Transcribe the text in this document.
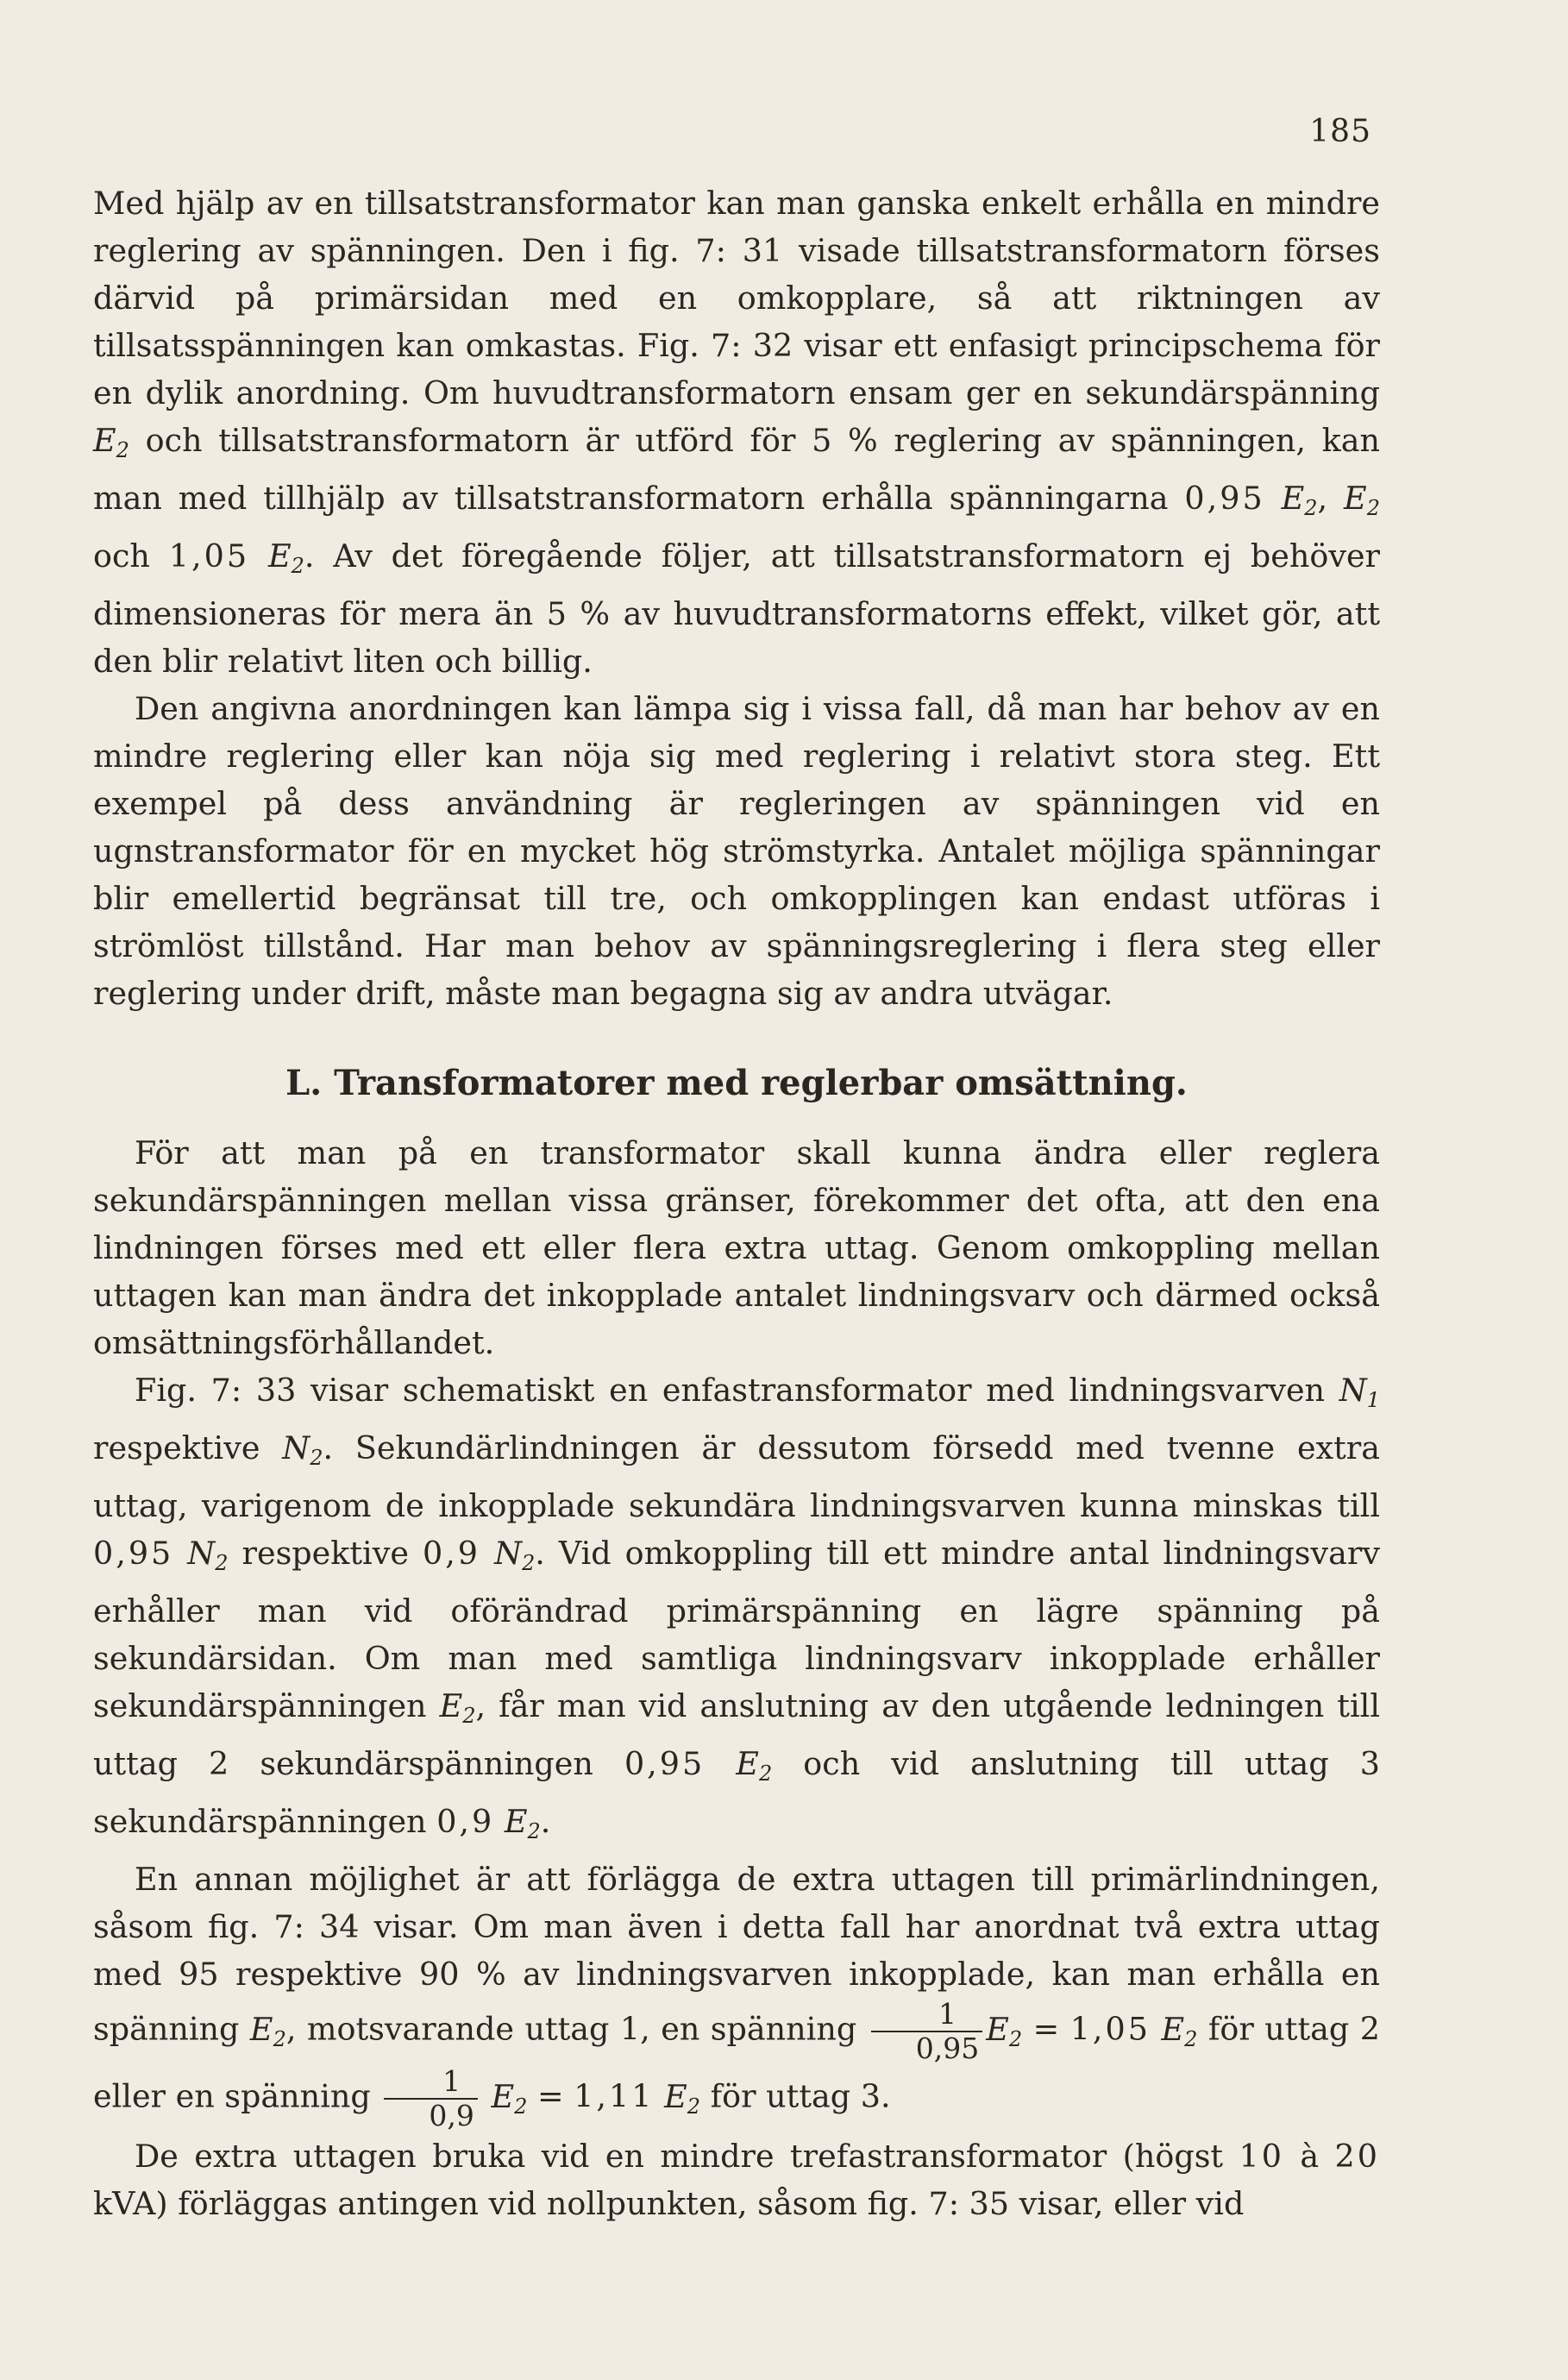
185

Med hjälp av en tillsatstransformator kan man ganska enkelt erhålla en mindre reglering av spänningen. Den i fig. 7: 31 visade tillsatstransformatorn förses därvid på primärsidan med en omkopplare, så att riktningen av tillsatsspänningen kan omkastas. Fig. 7: 32 visar ett enfasigt principschema för en dylik anordning. Om huvudtransformatorn ensam ger en sekundärspänning $E_2$ och tillsatstransformatorn är utförd för 5 % reglering av spänningen, kan man med tillhjälp av tillsatstransformatorn erhålla spänningarna 0,95 $E_2$, $E_2$ och 1,05 $E_2$. Av det föregående följer, att tillsatstransformatorn ej behöver dimensioneras för mera än 5 % av huvudtransformatorns effekt, vilket gör, att den blir relativt liten och billig.

Den angivna anordningen kan lämpa sig i vissa fall, då man har behov av en mindre reglering eller kan nöja sig med reglering i relativt stora steg. Ett exempel på dess användning är regleringen av spänningen vid en ugnstransformator för en mycket hög strömstyrka. Antalet möjliga spänningar blir emellertid begränsat till tre, och omkopplingen kan endast utföras i strömlöst tillstånd. Har man behov av spänningsreglering i flera steg eller reglering under drift, måste man begagna sig av andra utvägar.

L. Transformatorer med reglerbar omsättning.

För att man på en transformator skall kunna ändra eller reglera sekundärspänningen mellan vissa gränser, förekommer det ofta, att den ena lindningen förses med ett eller flera extra uttag. Genom omkoppling mellan uttagen kan man ändra det inkopplade antalet lindningsvarv och därmed också omsättningsförhållandet.

Fig. 7: 33 visar schematiskt en enfastransformator med lindningsvarven $N_1$ respektive $N_2$. Sekundärlindningen är dessutom försedd med tvenne extra uttag, varigenom de inkopplade sekundära lindningsvarven kunna minskas till 0,95 $N_2$ respektive 0,9 $N_2$. Vid omkoppling till ett mindre antal lindningsvarv erhåller man vid oförändrad primärspänning en lägre spänning på sekundärsidan. Om man med samtliga lindningsvarv inkopplade erhåller sekundärspänningen $E_2$, får man vid anslutning av den utgående ledningen till uttag 2 sekundärspänningen 0,95 $E_2$ och vid anslutning till uttag 3 sekundärspänningen 0,9 $E_2$.

En annan möjlighet är att förlägga de extra uttagen till primärlindningen, såsom fig. 7: 34 visar. Om man även i detta fall har anordnat två extra uttag med 95 respektive 90 % av lindningsvarven inkopplade, kan man erhålla en spänning $E_2$, motsvarande uttag 1, en spänning $\frac{1}{0,95} E_2 = 1,05$ $E_2$ för uttag 2 eller en spänning $\frac{1}{0,9} E_2 = 1,11$ $E_2$ för uttag 3.

De extra uttagen bruka vid en mindre trefastransformator (högst 10 à 20 kVA) förläggas antingen vid nollpunkten, såsom fig. 7: 35 visar, eller vid
